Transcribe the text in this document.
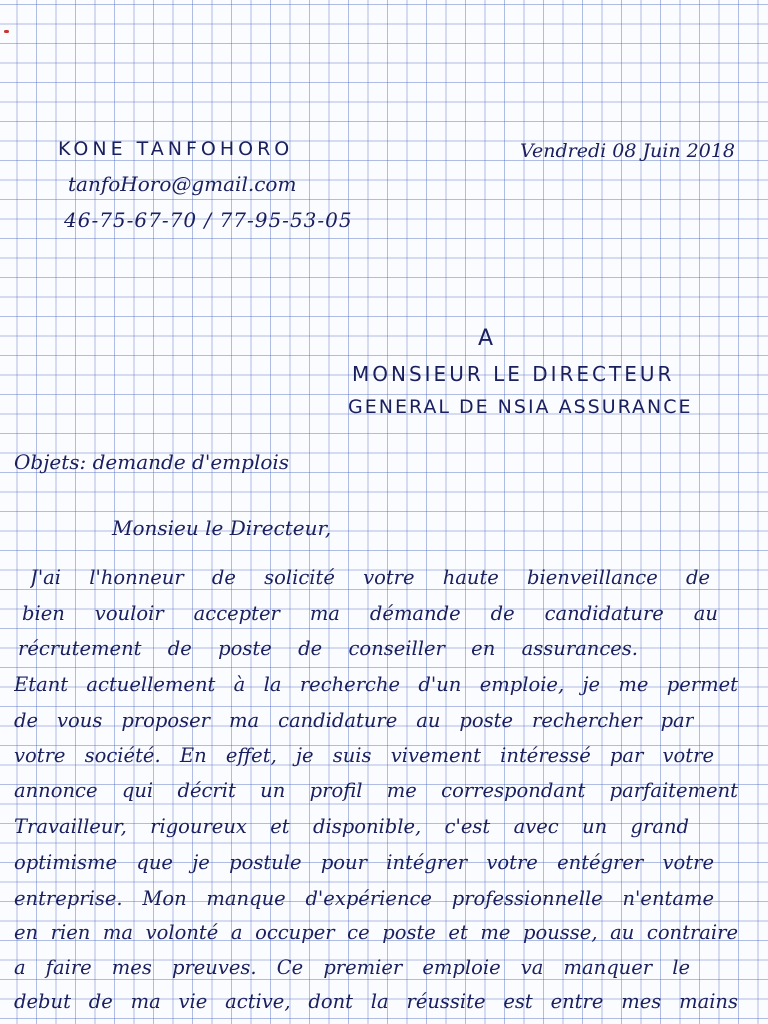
KONE TANFOHORO
tanfoHoro@gmail.com
46-75-67-70 / 77-95-53-05
Vendredi 08 Juin 2018
A
MONSIEUR LE DIRECTEUR
GENERAL DE NSIA ASSURANCE
Objets: demande d'emplois
Monsieu le Directeur,
J'ai l'honneur de solicité votre haute bienveillance de
bien vouloir accepter ma démande de candidature au
récrutement de poste de conseiller en assurances.
Etant actuellement à la recherche d'un emploie, je me permet
de vous proposer ma candidature au poste rechercher par
votre société. En effet, je suis vivement intéressé par votre
annonce qui décrit un profil me correspondant parfaitement
Travailleur, rigoureux et disponible, c'est avec un grand
optimisme que je postule pour intégrer votre entégrer votre
entreprise. Mon manque d'expérience professionnelle n'entame
en rien ma volonté a occuper ce poste et me pousse, au contraire
a faire mes preuves. Ce premier emploie va manquer le
debut de ma vie active, dont la réussite est entre mes mains
